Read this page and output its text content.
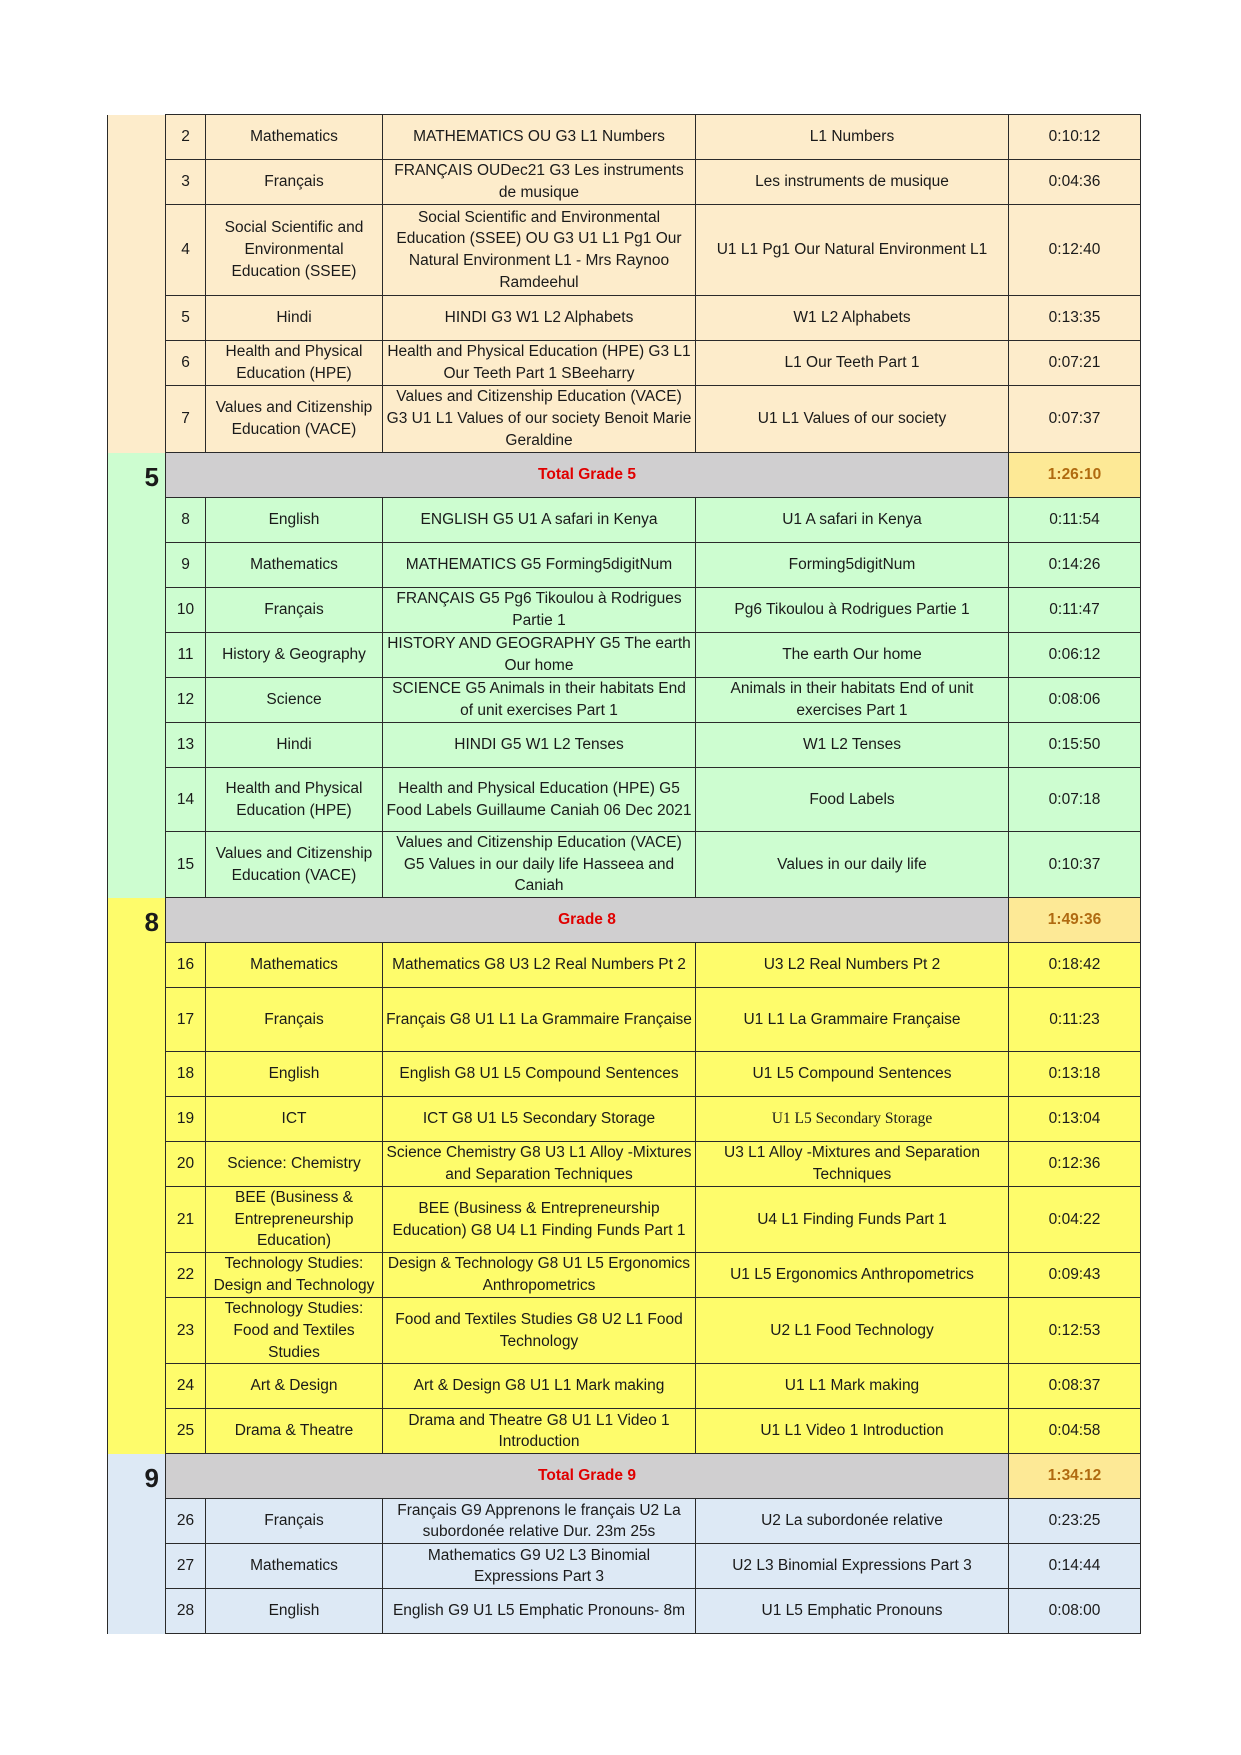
	2	Mathematics	MATHEMATICS OU G3 L1 Numbers	L1 Numbers	0:10:12
	3	Français	FRANÇAIS OUDec21 G3 Les instruments de musique	Les instruments de musique	0:04:36
	4	Social Scientific and Environmental Education (SSEE)	Social Scientific and Environmental Education (SSEE) OU G3 U1 L1 Pg1 Our Natural Environment L1 - Mrs Raynoo Ramdeehul	U1 L1 Pg1 Our Natural Environment L1	0:12:40
	5	Hindi	HINDI G3 W1 L2 Alphabets	W1 L2 Alphabets	0:13:35
	6	Health and Physical Education (HPE)	Health and Physical Education (HPE) G3 L1 Our Teeth Part 1 SBeeharry	L1 Our Teeth Part 1	0:07:21
	7	Values and Citizenship Education (VACE)	Values and Citizenship Education (VACE) G3 U1 L1 Values of our society Benoit Marie Geraldine	U1 L1 Values of our society	0:07:37
5	Total Grade 5				1:26:10
	8	English	ENGLISH G5 U1 A safari in Kenya	U1 A safari in Kenya	0:11:54
	9	Mathematics	MATHEMATICS G5 Forming5digitNum	Forming5digitNum	0:14:26
	10	Français	FRANÇAIS G5 Pg6 Tikoulou à Rodrigues Partie 1	Pg6 Tikoulou à Rodrigues Partie 1	0:11:47
	11	History & Geography	HISTORY AND GEOGRAPHY G5 The earth Our home	The earth Our home	0:06:12
	12	Science	SCIENCE G5 Animals in their habitats End of unit exercises Part 1	Animals in their habitats End of unit exercises Part 1	0:08:06
	13	Hindi	HINDI G5 W1 L2 Tenses	W1 L2 Tenses	0:15:50
	14	Health and Physical Education (HPE)	Health and Physical Education (HPE) G5 Food Labels Guillaume Caniah 06 Dec 2021	Food Labels	0:07:18
	15	Values and Citizenship Education (VACE)	Values and Citizenship Education (VACE) G5 Values in our daily life Hasseea and Caniah	Values in our daily life	0:10:37
8	Grade 8				1:49:36
	16	Mathematics	Mathematics G8 U3 L2 Real Numbers Pt 2	U3 L2 Real Numbers Pt 2	0:18:42
	17	Français	Français G8 U1 L1 La Grammaire Française	U1 L1 La Grammaire Française	0:11:23
	18	English	English G8 U1 L5 Compound Sentences	U1 L5 Compound Sentences	0:13:18
	19	ICT	ICT G8 U1 L5 Secondary Storage	U1 L5 Secondary Storage	0:13:04
	20	Science: Chemistry	Science Chemistry G8 U3 L1 Alloy -Mixtures and Separation Techniques	U3 L1 Alloy -Mixtures and Separation Techniques	0:12:36
	21	BEE (Business & Entrepreneurship Education)	BEE (Business & Entrepreneurship Education) G8 U4 L1 Finding Funds Part 1	U4 L1 Finding Funds Part 1	0:04:22
	22	Technology Studies: Design and Technology	Design & Technology G8 U1 L5 Ergonomics Anthropometrics	U1 L5 Ergonomics Anthropometrics	0:09:43
	23	Technology Studies: Food and Textiles Studies	Food and Textiles Studies G8 U2 L1 Food Technology	U2 L1 Food Technology	0:12:53
	24	Art & Design	Art & Design G8 U1 L1 Mark making	U1 L1 Mark making	0:08:37
	25	Drama & Theatre	Drama and Theatre G8 U1 L1 Video 1 Introduction	U1 L1 Video 1 Introduction	0:04:58
9	Total Grade 9				1:34:12
	26	Français	Français G9 Apprenons le français U2 La subordonée relative Dur. 23m 25s	U2 La subordonée relative	0:23:25
	27	Mathematics	Mathematics G9 U2 L3 Binomial Expressions Part 3	U2 L3 Binomial Expressions Part 3	0:14:44
	28	English	English G9 U1 L5 Emphatic Pronouns- 8m	U1 L5 Emphatic Pronouns	0:08:00
